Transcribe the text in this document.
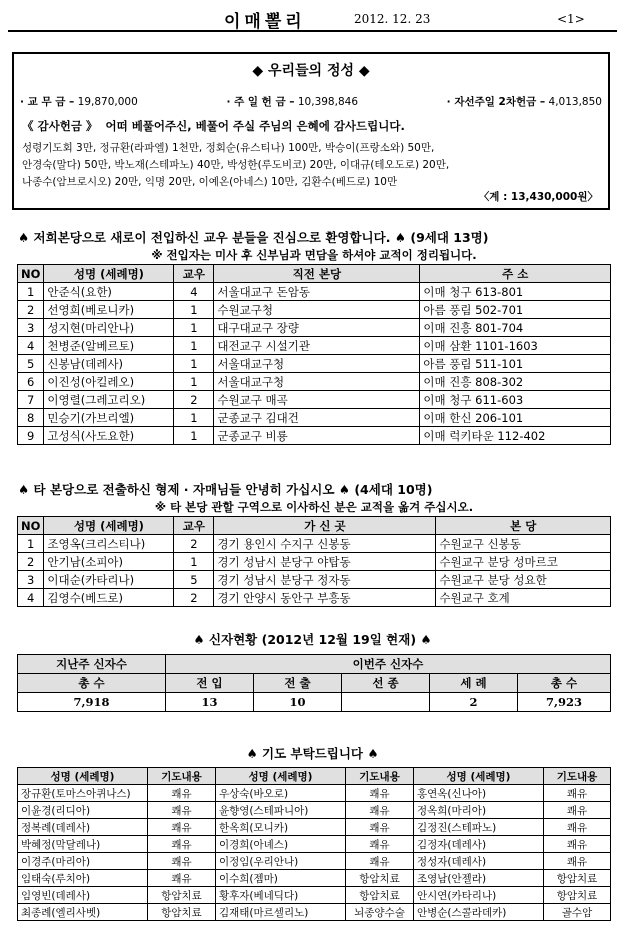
이매뽈리	2012. 12. 23	<1>
◆ 우리들의 정성 ◆
· 교 무 금 – 19,870,000	· 주 일 헌 금 – 10,398,846	· 자선주일 2차헌금 – 4,013,850
《 감사헌금 》 어떠 베풀어주신, 베풀어 주실 주님의 은혜에 감사드립니다.
성령기도회 3만, 정규환(라파엘) 1천만, 정회순(유스티나) 100만, 박승이(프랑소와) 50만,
안경숙(말다) 50만, 박노재(스테파노) 40만, 박성한(루도비코) 20만, 이대규(테오도로) 20만,
나종수(암브로시오) 20만, 익명 20만, 이예온(아네스) 10만, 김환수(베드로) 10만
〈계 : 13,430,000원〉
♠ 저희본당으로 새로이 전입하신 교우 분들을 진심으로 환영합니다. ♠ (9세대 13명)
※ 전입자는 미사 후 신부님과 면담을 하셔야 교적이 정리됩니다.
NO	성명 (세례명)	교우	직전 본당	주 소
1	안준식(요한)	4	서울대교구 돈암동	이매 청구 613-801
2	선영희(베로니카)	1	수원교구청	아름 풍림 502-701
3	성지현(마리안나)	1	대구대교구 장량	이매 진흥 801-704
4	천병준(알베르토)	1	대전교구 시설기관	이매 삼환 1101-1603
5	신봉남(데레사)	1	서울대교구청	아름 풍림 511-101
6	이진성(아킬레오)	1	서울대교구청	이매 진흥 808-302
7	이영렬(그레고리오)	2	수원교구 매곡	이매 청구 611-603
8	민승기(가브리엘)	1	군종교구 김대건	이매 한신 206-101
9	고성식(사도요한)	1	군종교구 비룡	이매 럭키타운 112-402
♠ 타 본당으로 전출하신 형제 · 자매님들 안녕히 가십시오 ♠ (4세대 10명)
※ 타 본당 관할 구역으로 이사하신 분은 교적을 옮겨 주십시오.
NO	성명 (세례명)	교우	가 신 곳	본 당
1	조영옥(크리스티나)	2	경기 용인시 수지구 신봉동	수원교구 신봉동
2	안기남(소피아)	1	경기 성남시 분당구 야탑동	수원교구 분당 성마르코
3	이대순(카타리나)	5	경기 성남시 분당구 정자동	수원교구 분당 성요한
4	김영수(베드로)	2	경기 안양시 동안구 부흥동	수원교구 호계
♠ 신자현황 (2012년 12월 19일 현재) ♠
지난주 신자수	이번주 신자수				
총 수	전 입	전 출	선 종	세 례	총 수
7,918	13	10		2	7,923
♠ 기도 부탁드립니다 ♠
성명 (세례명)	기도내용	성명 (세례명)	기도내용	성명 (세례명)	기도내용
장규환(토마스아퀴나스)	쾌유	우상숙(바오로)	쾌유	홍연옥(신나아)	쾌유
이윤경(리디아)	쾌유	윤향영(스테파니아)	쾌유	정옥희(마리아)	쾌유
정복례(데레사)	쾌유	한옥희(모니카)	쾌유	김정진(스테파노)	쾌유
박혜정(막달레나)	쾌유	이경희(아녜스)	쾌유	김정자(데레사)	쾌유
이경주(마리아)	쾌유	이정임(우리안나)	쾌유	정성자(데레사)	쾌유
임태숙(루치아)	쾌유	이수희(젬마)	항암치료	조영남(안젤라)	항암치료
임영빈(데레사)	항암치료	황후자(베네딕다)	항암치료	안시연(카타리나)	항암치료
최종례(엘리사벳)	항암치료	김재태(마르셀리노)	뇌종양수술	안병순(스콜라데카)	골수암
